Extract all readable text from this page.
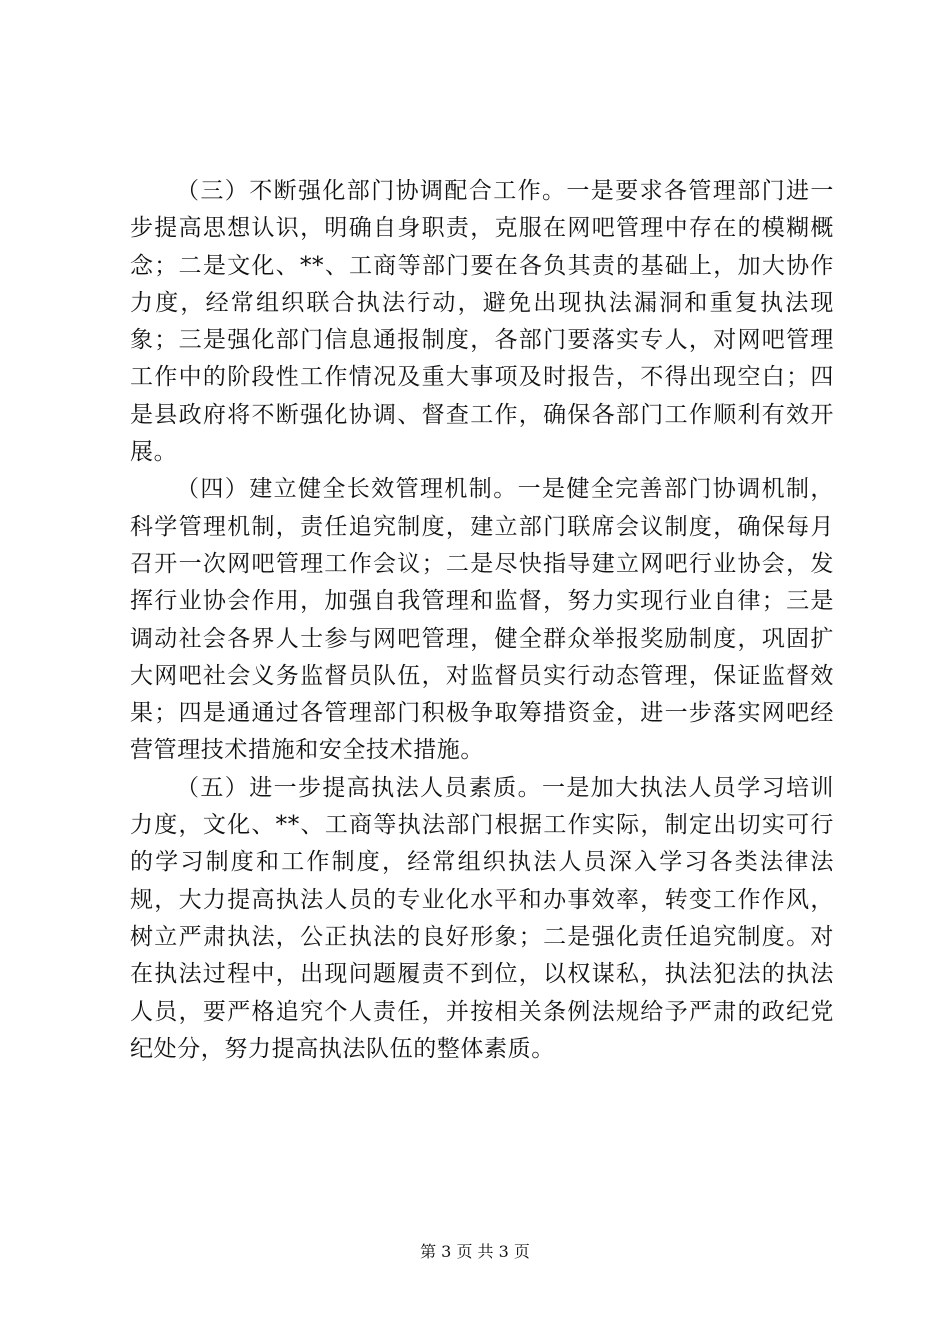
（三）不断强化部门协调配合工作。一是要求各管理部门进一步提高思想认识，明确自身职责，克服在网吧管理中存在的模糊概念；二是文化、**、工商等部门要在各负其责的基础上，加大协作力度，经常组织联合执法行动，避免出现执法漏洞和重复执法现象；三是强化部门信息通报制度，各部门要落实专人，对网吧管理工作中的阶段性工作情况及重大事项及时报告，不得出现空白；四是县政府将不断强化协调、督查工作，确保各部门工作顺利有效开展。

（四）建立健全长效管理机制。一是健全完善部门协调机制，科学管理机制，责任追究制度，建立部门联席会议制度，确保每月召开一次网吧管理工作会议；二是尽快指导建立网吧行业协会，发挥行业协会作用，加强自我管理和监督，努力实现行业自律；三是调动社会各界人士参与网吧管理，健全群众举报奖励制度，巩固扩大网吧社会义务监督员队伍，对监督员实行动态管理，保证监督效果；四是通通过各管理部门积极争取筹措资金，进一步落实网吧经营管理技术措施和安全技术措施。

（五）进一步提高执法人员素质。一是加大执法人员学习培训力度，文化、**、工商等执法部门根据工作实际，制定出切实可行的学习制度和工作制度，经常组织执法人员深入学习各类法律法规，大力提高执法人员的专业化水平和办事效率，转变工作作风，树立严肃执法，公正执法的良好形象；二是强化责任追究制度。对在执法过程中，出现问题履责不到位，以权谋私，执法犯法的执法人员，要严格追究个人责任，并按相关条例法规给予严肃的政纪党纪处分，努力提高执法队伍的整体素质。

第 3 页 共 3 页
